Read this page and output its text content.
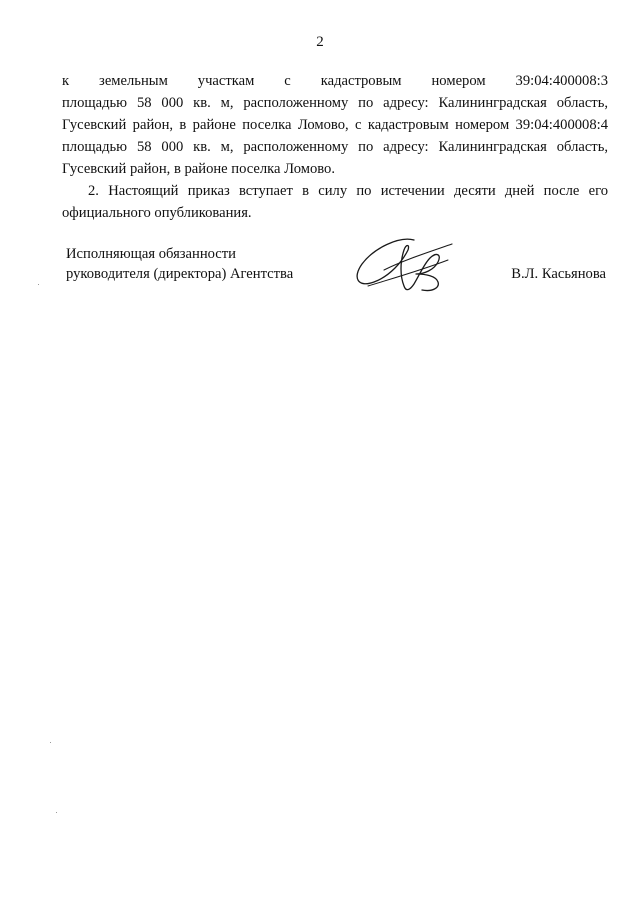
2

к земельным участкам с кадастровым номером 39:04:400008:3

площадью 58 000 кв. м, расположенному по адресу: Калининградская область, Гусевский район, в районе поселка Ломово, с кадастровым номером 39:04:400008:4 площадью 58 000 кв. м, расположенному по адресу: Калининградская область, Гусевский район, в районе поселка Ломово.

2. Настоящий приказ вступает в силу по истечении десяти дней после его официального опубликования.

Исполняющая обязанности
руководителя (директора) Агентства	В.Л. Касьянова
